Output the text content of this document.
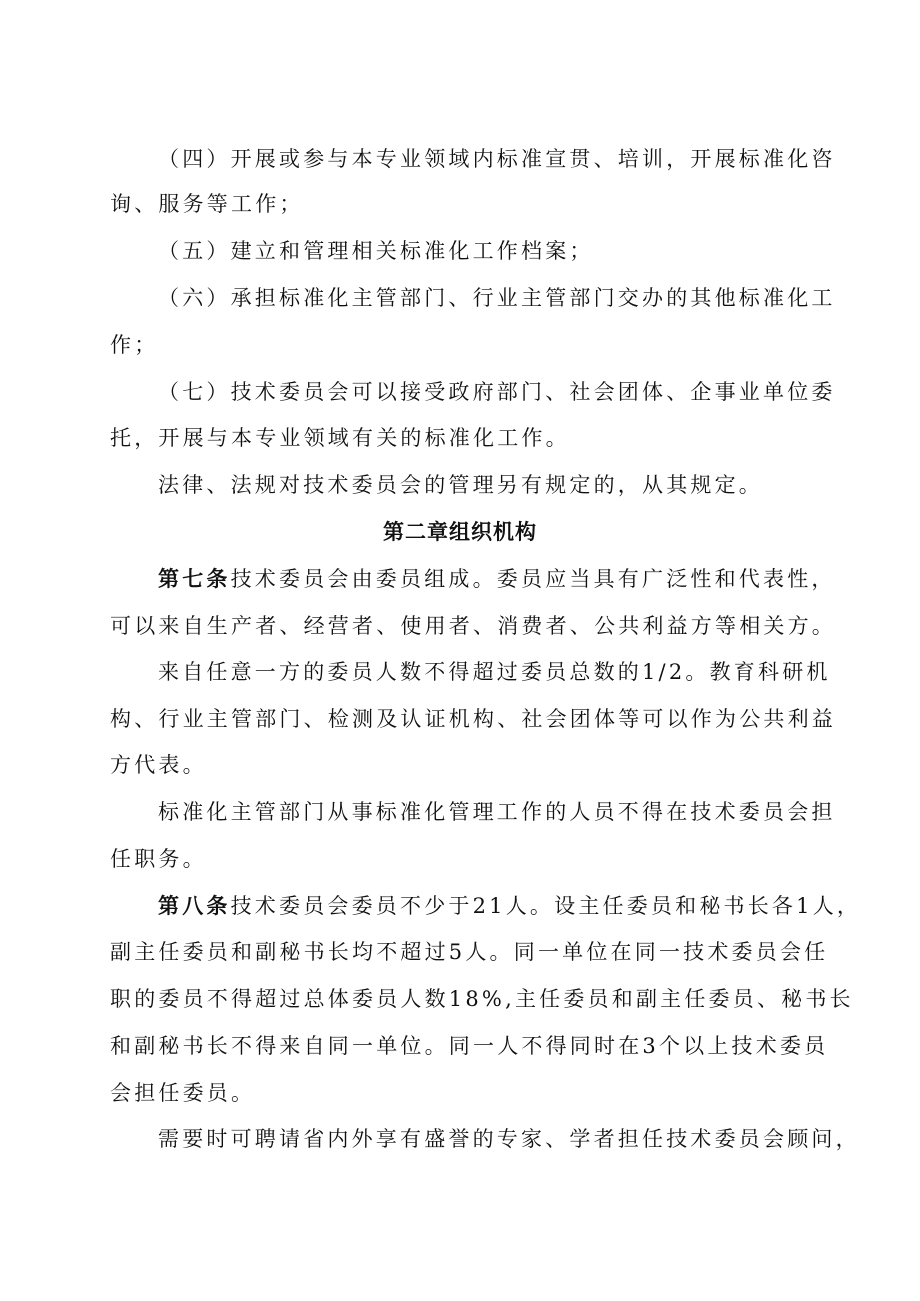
（四）开展或参与本专业领域内标准宣贯、培训，开展标准化咨
询、服务等工作；
（五）建立和管理相关标准化工作档案；
（六）承担标准化主管部门、行业主管部门交办的其他标准化工
作；
（七）技术委员会可以接受政府部门、社会团体、企事业单位委
托，开展与本专业领域有关的标准化工作。
法律、法规对技术委员会的管理另有规定的，从其规定。
第二章组织机构
第七条技术委员会由委员组成。委员应当具有广泛性和代表性，
可以来自生产者、经营者、使用者、消费者、公共利益方等相关方。
来自任意一方的委员人数不得超过委员总数的1/2。教育科研机
构、行业主管部门、检测及认证机构、社会团体等可以作为公共利益
方代表。
标准化主管部门从事标准化管理工作的人员不得在技术委员会担
任职务。
第八条技术委员会委员不少于21人。设主任委员和秘书长各1人，
副主任委员和副秘书长均不超过5人。同一单位在同一技术委员会任
职的委员不得超过总体委员人数18%,主任委员和副主任委员、秘书长
和副秘书长不得来自同一单位。同一人不得同时在3个以上技术委员
会担任委员。
需要时可聘请省内外享有盛誉的专家、学者担任技术委员会顾问，
